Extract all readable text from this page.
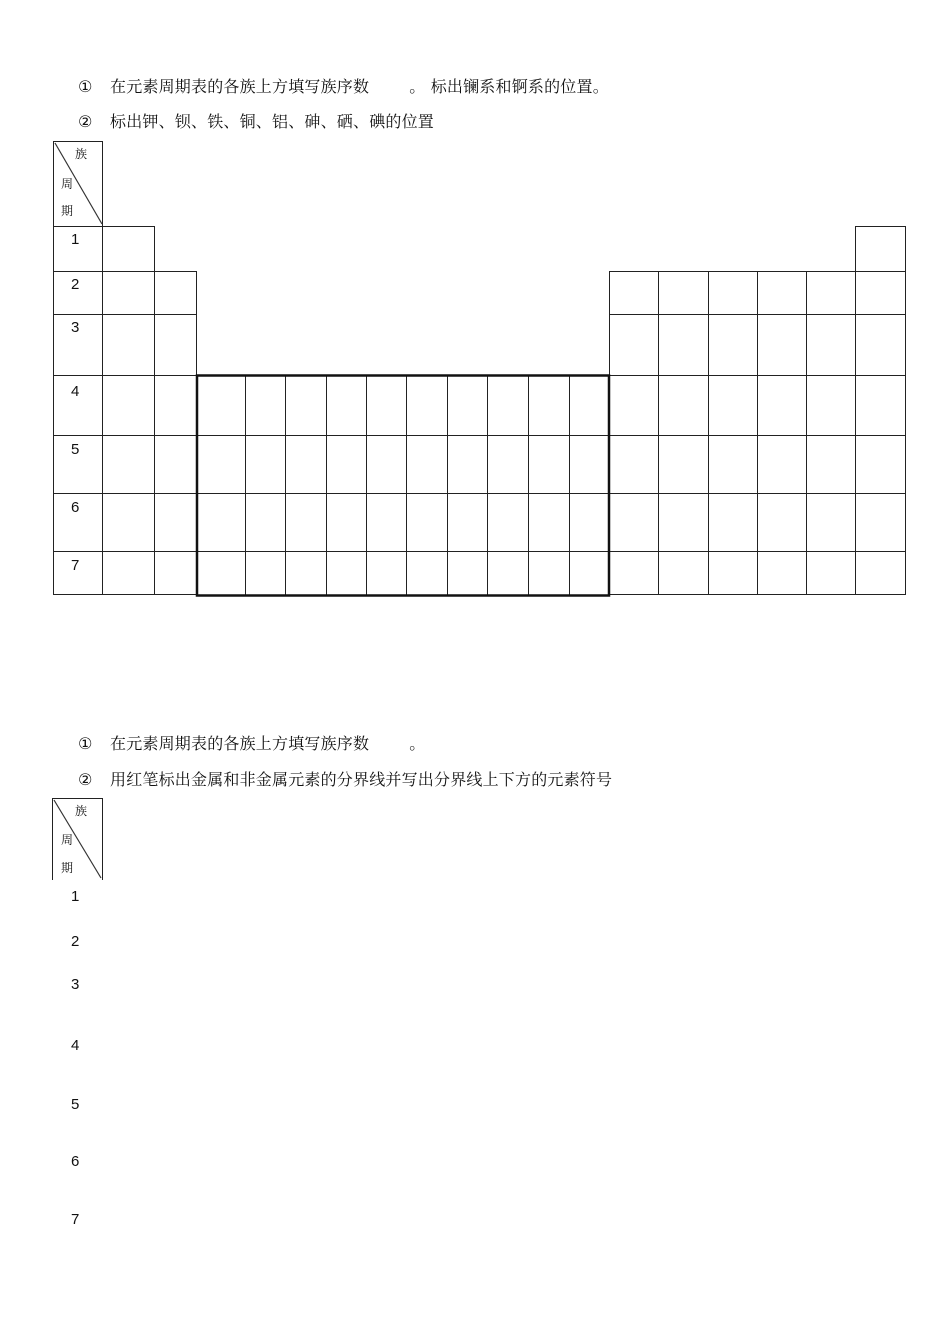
① 在元素周期表的各族上方填写族序数	。 标出镧系和锕系的位置。
② 标出钾、钡、铁、铜、铝、砷、硒、碘的位置
族
周
期
1
2
3
4
5
6
7
① 在元素周期表的各族上方填写族序数	。
② 用红笔标出金属和非金属元素的分界线并写出分界线上下方的元素符号
族
周
期
1
2
3
4
5
6
7
